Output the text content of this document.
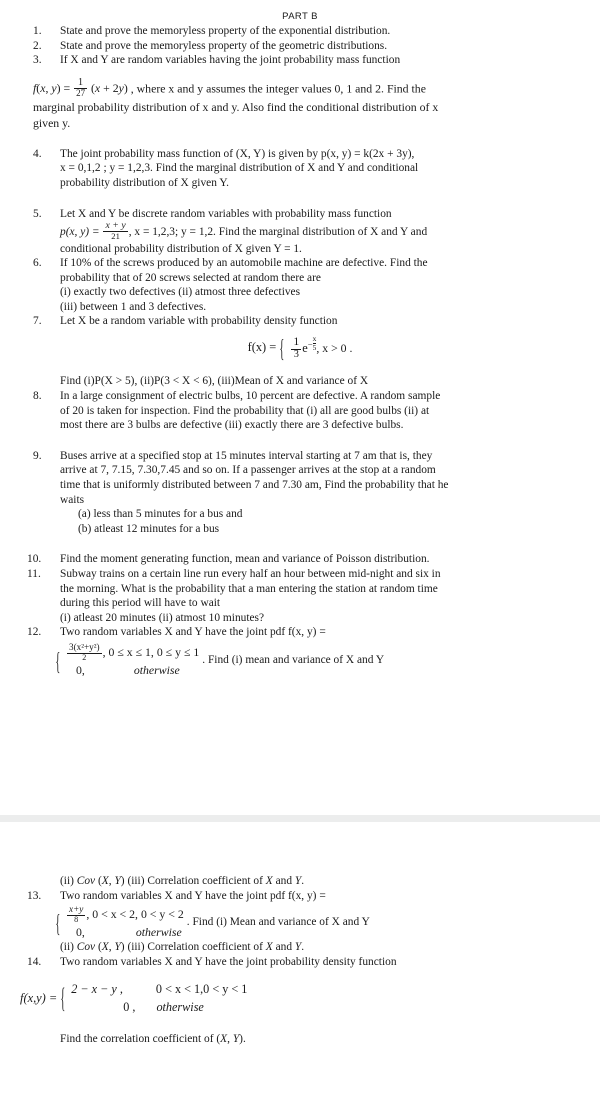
PART B
1.	State and prove the memoryless property of the exponential distribution.
2.	State and prove the memoryless property of the geometric distributions.
3.	If X and Y are random variables having the joint probability mass function
f(x, $y) = \frac{1}{27} (x + 2y)$ , where x and y assumes the integer values 0, 1 and 2. Find the
marginal probability distribution of x and y. Also find the conditional distribution of x
given y.
4.	The joint probability mass function of (X, Y) is given by p(x, y) = k(2x + 3y),
x = 0,1,2 ; y = 1,2,3. Find the marginal distribution of X and Y and conditional
probability distribution of X given Y.
5.	Let X and Y be discrete random variables with probability mass function
p(x, $y) = \frac{x + y}{21}$ , x = 1,2,3; y = 1,2. Find the marginal distribution of X and Y and
conditional probability distribution of X given Y = 1.
6.	If 10% of the screws produced by an automobile machine are defective. Find the
probability that of 20 screws selected at random there are
(i) exactly two defectives (ii) atmost three defectives
(iii) between 1 and 3 defectives.
7.	Let X be a random variable with probability density function
f(x) = { $\frac{1}{3} e^- \frac{x}{5}$ , x > 0 .
Find (i)P(X > 5), (ii)P(3 < X < 6), (iii)Mean of X and variance of X
8.	In a large consignment of electric bulbs, 10 percent are defective. A random sample
of 20 is taken for inspection. Find the probability that (i) all are good bulbs (ii) at
most there are 3 bulbs are defective (iii) exactly there are 3 defective bulbs.
9.	Buses arrive at a specified stop at 15 minutes interval starting at 7 am that is, they
arrive at 7, 7.15, 7.30,7.45 and so on. If a passenger arrives at the stop at a random
time that is uniformly distributed between 7 and 7.30 am, Find the probability that he
waits
(a) less than 5 minutes for a bus and
(b) atleast 12 minutes for a bus
10.	Find the moment generating function, mean and variance of Poisson distribution.
11.	Subway trains on a certain line run every half an hour between mid-night and six in
the morning. What is the probability that a man entering the station at random time
during this period will have to wait
(i) atleast 20 minutes (ii) atmost 10 minutes?
12.	Two random variables X and Y have the joint pdf f(x, y) =
{ $\frac{\text{3(x²+y²)}}{2}$ , 0 ≤ x ≤ 1, 0 ≤ y ≤ 1
0,	otherwise
. Find (i) mean and variance of X and Y
(ii) Cov (X, Y) (iii) Correlation coefficient of X and Y.
13.	Two random variables X and Y have the joint pdf f(x, y) =
{ $\frac{x+y}{8}$ , 0 < x < 2, 0 < y < 2
0,	otherwise
. Find (i) Mean and variance of X and Y
(ii) Cov (X, Y) (iii) Correlation coefficient of X and Y.
14.	Two random variables X and Y have the joint probability density function
f(x,y) =
{ 2 − x − y ,	0 < x < 1,0 < y < 1
0 , otherwise
Find the correlation coefficient of (X, Y).
